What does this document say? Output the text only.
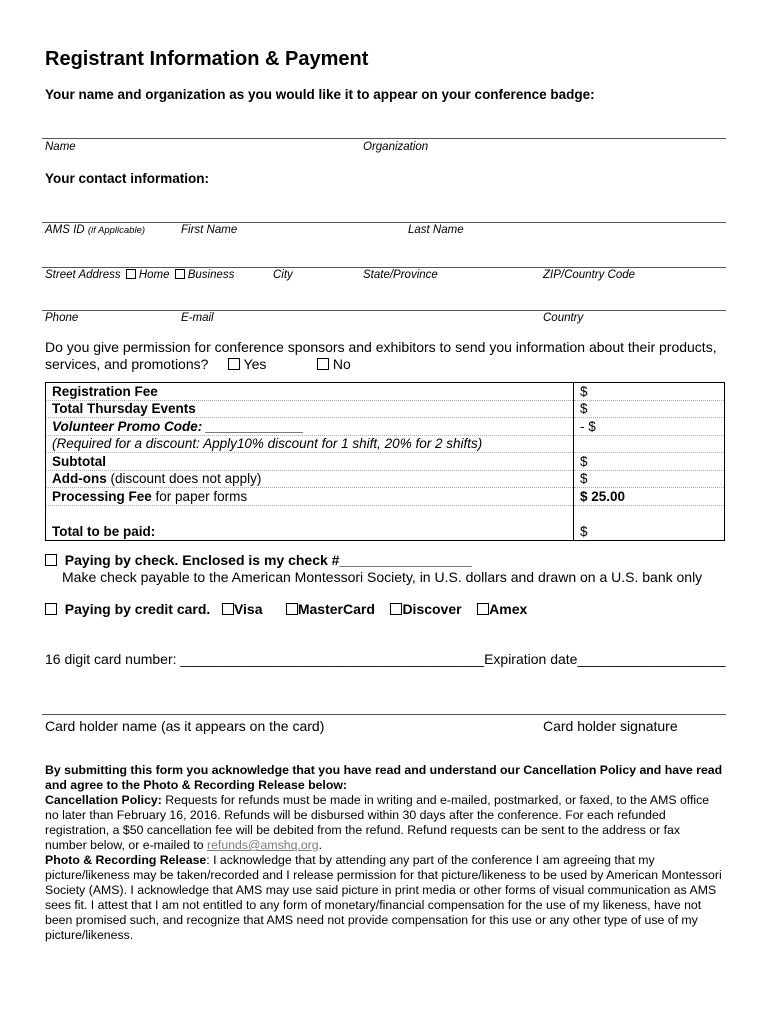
Registrant Information & Payment
Your name and organization as you would like it to appear on your conference badge:
Name	Organization
Your contact information:
AMS ID (if Applicable)	First Name	Last Name
Street Address Home Business	City	State/Province	ZIP/Country Code
Phone	E-mail	Country
Do you give permission for conference sponsors and exhibitors to send you information about their products, services, and promotions?	Yes	No
Registration Fee	$
Total Thursday Events	$
Volunteer Promo Code: _____________	- $
(Required for a discount: Apply10% discount for 1 shift, 20% for 2 shifts)	
Subtotal	$
Add-ons (discount does not apply)	$
Processing Fee for paper forms	$ 25.00
Total to be paid:	$
Paying by check. Enclosed is my check #_________________
Make check payable to the American Montessori Society, in U.S. dollars and drawn on a U.S. bank only
Paying by credit card. Visa	MasterCard Discover Amex
16 digit card number: _______________________________________Expiration date___________________
Card holder name (as it appears on the card)	Card holder signature

By submitting this form you acknowledge that you have read and understand our Cancellation Policy and have read and agree to the Photo & Recording Release below:

Cancellation Policy: Requests for refunds must be made in writing and e-mailed, postmarked, or faxed, to the AMS office no later than February 16, 2016. Refunds will be disbursed within 30 days after the conference. For each refunded registration, a $50 cancellation fee will be debited from the refund. Refund requests can be sent to the address or fax number below, or e-mailed to refunds@amshq.org.

Photo & Recording Release: I acknowledge that by attending any part of the conference I am agreeing that my picture/likeness may be taken/recorded and I release permission for that picture/likeness to be used by American Montessori Society (AMS). I acknowledge that AMS may use said picture in print media or other forms of visual communication as AMS sees fit. I attest that I am not entitled to any form of monetary/financial compensation for the use of my likeness, have not been promised such, and recognize that AMS need not provide compensation for this use or any other type of use of my picture/likeness.
